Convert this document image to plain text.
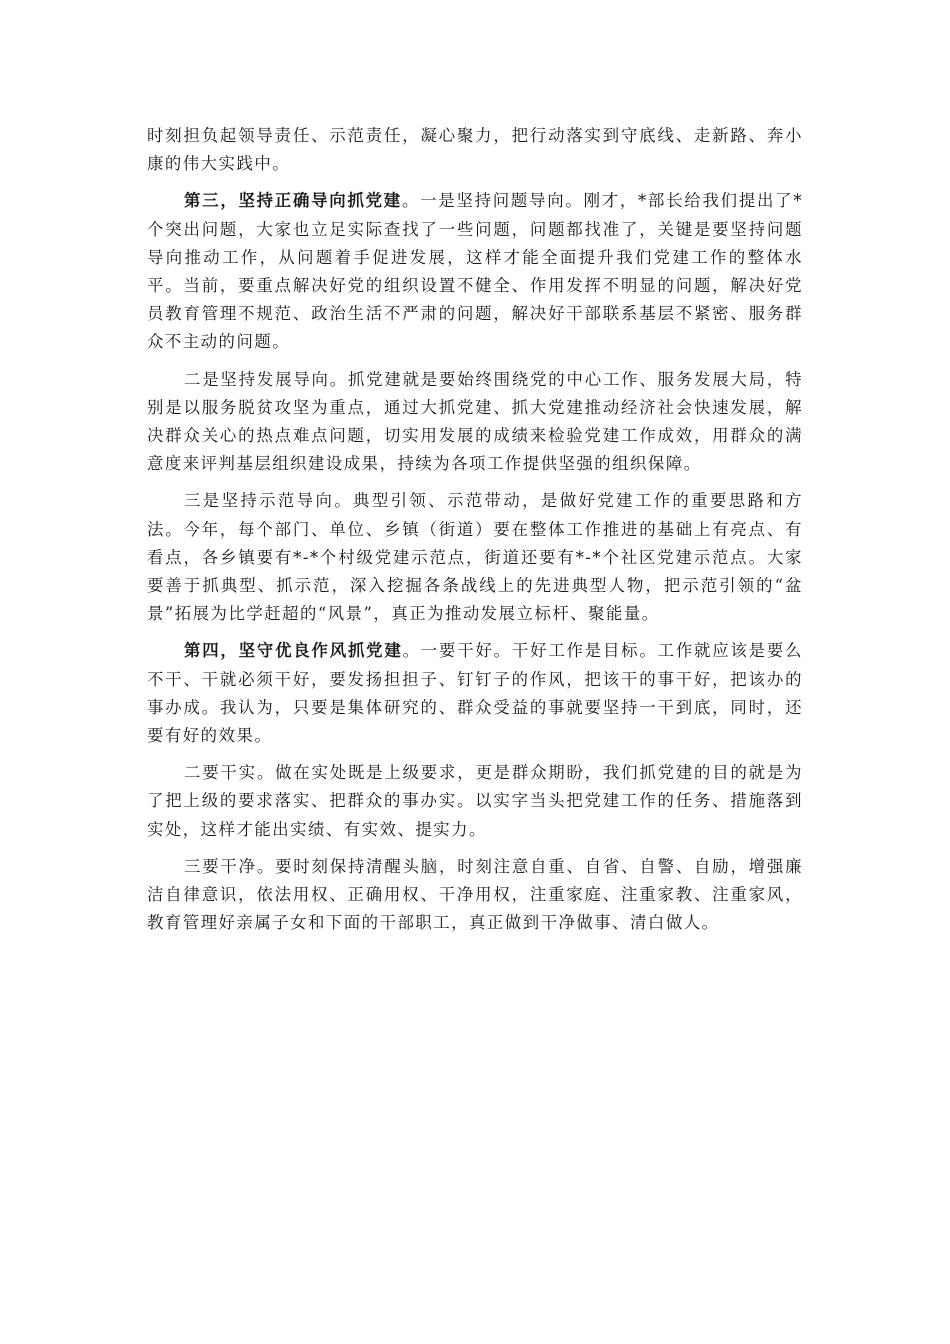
时刻担负起领导责任、示范责任，凝心聚力，把行动落实到守底线、走新路、奔小康的伟大实践中。

第三，坚持正确导向抓党建。一是坚持问题导向。刚才，*部长给我们提出了*个突出问题，大家也立足实际查找了一些问题，问题都找准了，关键是要坚持问题导向推动工作，从问题着手促进发展，这样才能全面提升我们党建工作的整体水平。当前，要重点解决好党的组织设置不健全、作用发挥不明显的问题，解决好党员教育管理不规范、政治生活不严肃的问题，解决好干部联系基层不紧密、服务群众不主动的问题。

二是坚持发展导向。抓党建就是要始终围绕党的中心工作、服务发展大局，特别是以服务脱贫攻坚为重点，通过大抓党建、抓大党建推动经济社会快速发展，解决群众关心的热点难点问题，切实用发展的成绩来检验党建工作成效，用群众的满意度来评判基层组织建设成果，持续为各项工作提供坚强的组织保障。

三是坚持示范导向。典型引领、示范带动，是做好党建工作的重要思路和方法。今年，每个部门、单位、乡镇（街道）要在整体工作推进的基础上有亮点、有看点，各乡镇要有*-*个村级党建示范点，街道还要有*-*个社区党建示范点。大家要善于抓典型、抓示范，深入挖掘各条战线上的先进典型人物，把示范引领的“盆景”拓展为比学赶超的“风景”，真正为推动发展立标杆、聚能量。

第四，坚守优良作风抓党建。一要干好。干好工作是目标。工作就应该是要么不干、干就必须干好，要发扬担担子、钉钉子的作风，把该干的事干好，把该办的事办成。我认为，只要是集体研究的、群众受益的事就要坚持一干到底，同时，还要有好的效果。

二要干实。做在实处既是上级要求，更是群众期盼，我们抓党建的目的就是为了把上级的要求落实、把群众的事办实。以实字当头把党建工作的任务、措施落到实处，这样才能出实绩、有实效、提实力。

三要干净。要时刻保持清醒头脑，时刻注意自重、自省、自警、自励，增强廉洁自律意识，依法用权、正确用权、干净用权，注重家庭、注重家教、注重家风，教育管理好亲属子女和下面的干部职工，真正做到干净做事、清白做人。
